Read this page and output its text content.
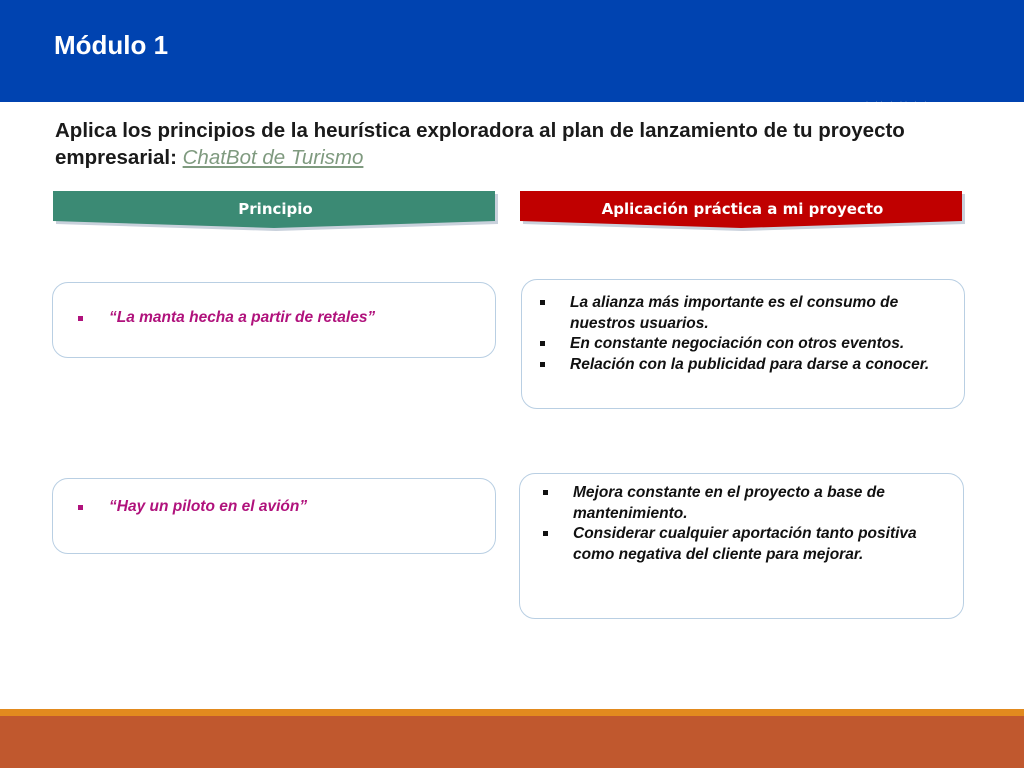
Módulo 1
· ·· · ·· · ·
Aplica los principios de la heurística exploradora al plan de lanzamiento de tu proyecto empresarial: ChatBot de Turismo
Principio	Aplicación práctica a mi proyecto
“La manta hecha a partir de retales”
La alianza más importante es el consumo de nuestros usuarios.
En constante negociación con otros eventos.
Relación con la publicidad para darse a conocer.
“Hay un piloto en el avión”
Mejora constante en el proyecto a base de mantenimiento.
Considerar cualquier aportación tanto positiva como negativa del cliente para mejorar.
